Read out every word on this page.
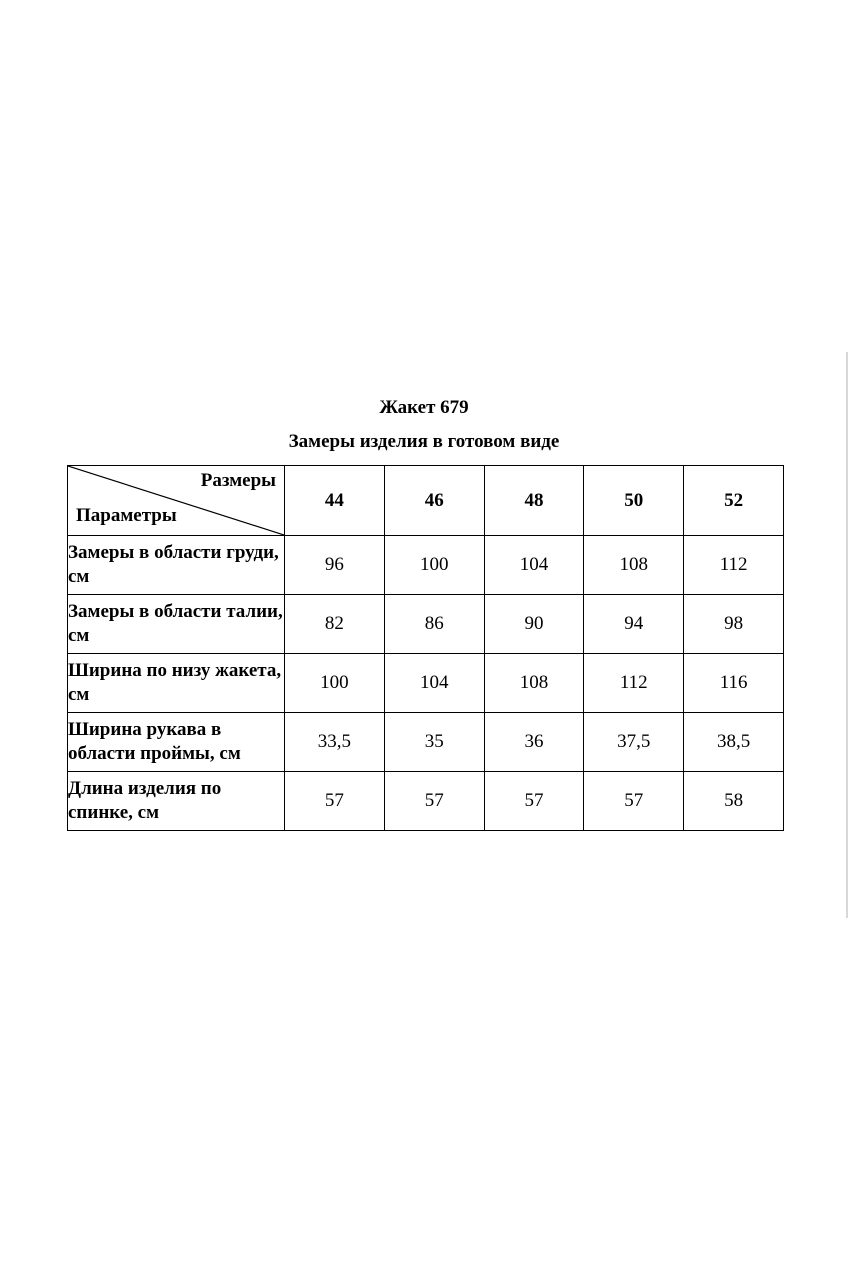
Жакет 679
Замеры изделия в готовом виде
Размеры
Параметры	44	46	48	50	52
Замеры в области груди, см	96	100	104	108	112
Замеры в области талии, см	82	86	90	94	98
Ширина по низу жакета, см	100	104	108	112	116
Ширина рукава в области проймы, см	33,5	35	36	37,5	38,5
Длина изделия по спинке, см	57	57	57	57	58
